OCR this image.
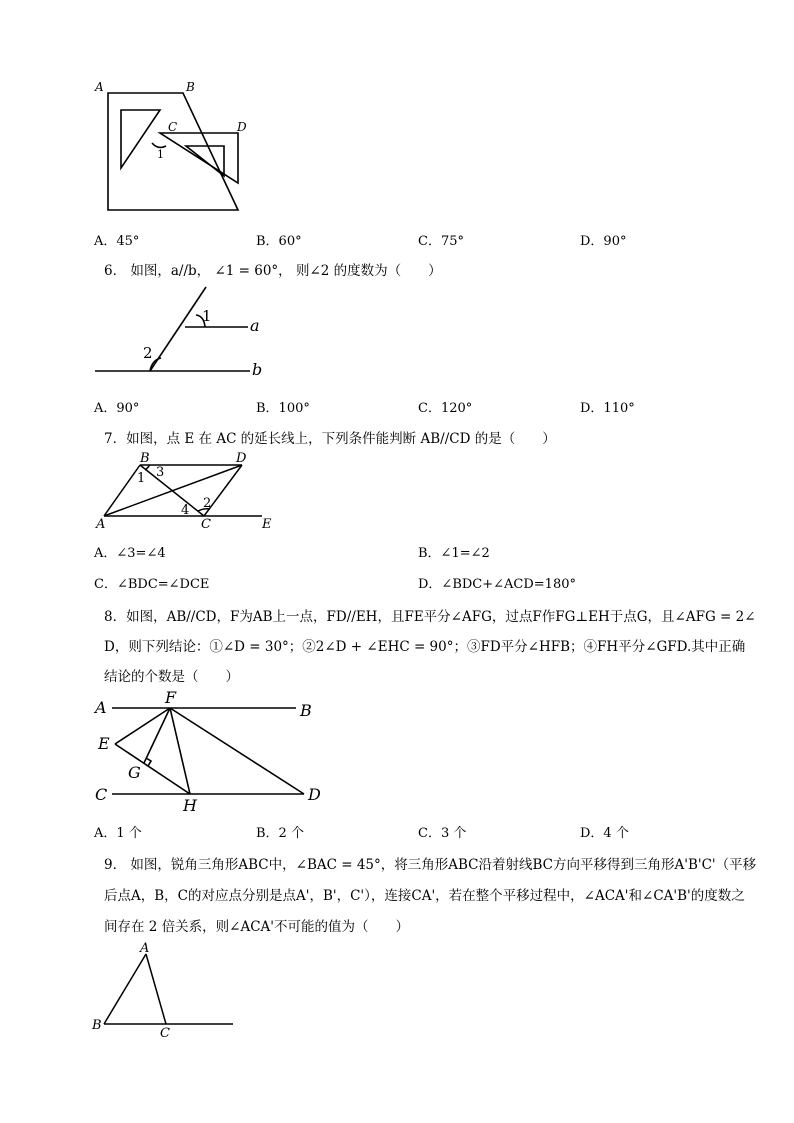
A	B
C	D
1
A．45°	B．60°	C．75°	D．90°
6． 如图，a//b， ∠1 = 60°， 则∠2 的度数为（　　）
1
2
a
b
A．90°	B．100°	C．120°	D．110°
7．如图，点 E 在 AC 的延长线上，下列条件能判断 AB//CD 的是（　　）
A
B
C
D
E
1
2
3
4
A．∠3=∠4	B．∠1=∠2
C．∠BDC=∠DCE	D．∠BDC+∠ACD=180°
8．如图，AB//CD，F为AB上一点，FD//EH，且FE平分∠AFG，过点F作FG⊥EH于点G，且∠AFG = 2∠
D，则下列结论：①∠D = 30°；②2∠D + ∠EHC = 90°；③FD平分∠HFB；④FH平分∠GFD.其中正确
结论的个数是（　　）
A	B
C	D
E
F
G
H
A．1 个	B．2 个	C．3 个	D．4 个
9． 如图，锐角三角形ABC中，∠BAC = 45°，将三角形ABC沿着射线BC方向平移得到三角形A'B'C'（平移
后点A，B，C的对应点分别是点A'，B'，C'），连接CA'，若在整个平移过程中，∠ACA'和∠CA'B'的度数之
间存在 2 倍关系，则∠ACA'不可能的值为（　　）
A
B
C
